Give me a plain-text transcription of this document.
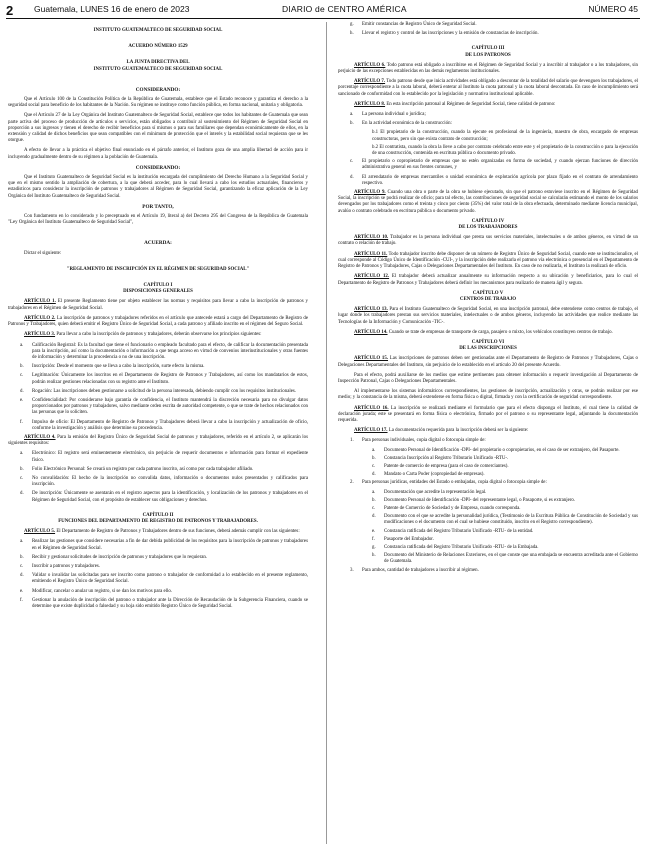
2	Guatemala, LUNES 16 de enero de 2023	DIARIO de CENTRO AMÉRICA	NÚMERO 45

INSTITUTO GUATEMALTECO DE SEGURIDAD SOCIAL

ACUERDO NÚMERO 1529

LA JUNTA DIRECTIVA DEL

INSTITUTO GUATEMALTECO DE SEGURIDAD SOCIAL

CONSIDERANDO:

Que el Artículo 100 de la Constitución Política de la República de Guatemala, establece que el Estado reconoce y garantiza el derecho a la seguridad social para beneficio de los habitantes de la Nación. Su régimen se instituye como función pública, en forma nacional, unitaria y obligatoria.

Que el Artículo 27 de la Ley Orgánica del Instituto Guatemalteco de Seguridad Social, establece que todos los habitantes de Guatemala que sean parte activa del proceso de producción de artículos o servicios, están obligados a contribuir al sostenimiento del Régimen de Seguridad Social en proporción a sus ingresos y tienen el derecho de recibir beneficios para sí mismos o para sus familiares que dependan económicamente de ellos, en la extensión y calidad de dichos beneficios que sean compatibles con el mínimum de protección que el interés y la estabilidad social requieran que se les otorgue.

A efecto de llevar a la práctica el objetivo final enunciado en el párrafo anterior, el Instituto goza de una amplia libertad de acción para ir incluyendo gradualmente dentro de su régimen a la población de Guatemala.

CONSIDERANDO:

Que el Instituto Guatemalteco de Seguridad Social es la institución encargada del cumplimiento del Derecho Humano a la Seguridad Social y que en el mismo sentido la ampliación de cobertura, a la que deberá acceder, para lo cual llevará a cabo los estudios actuariales, financieros y estadísticos para considerar la inscripción de patronos y trabajadores al Régimen de Seguridad Social, garantizando la eficaz aplicación de la Ley Orgánica del Instituto Guatemalteco de Seguridad Social.

POR TANTO,

Con fundamento en lo considerado y lo preceptuado en el Artículo 19, literal a) del Decreto 295 del Congreso de la República de Guatemala "Ley Orgánica del Instituto Guatemalteco de Seguridad Social",

ACUERDA:

Dictar el siguiente:

"REGLAMENTO DE INSCRIPCIÓN EN EL RÉGIMEN DE SEGURIDAD SOCIAL"

CAPÍTULO I

DISPOSICIONES GENERALES

ARTÍCULO 1. El presente Reglamento tiene por objeto establecer las normas y requisitos para llevar a cabo la inscripción de patronos y trabajadores en el Régimen de Seguridad Social.

ARTÍCULO 2. La inscripción de patronos y trabajadores referidos en el artículo que antecede estará a cargo del Departamento de Registro de Patronos y Trabajadores, quien deberá emitir el Registro Único de Seguridad Social, a cada patrono y afiliado inscrito en el régimen del Seguro Social.

ARTÍCULO 3. Para llevar a cabo la inscripción de patronos y trabajadores, deberán observarse los principios siguientes:

a.	Calificación Registral: Es la facultad que tiene el funcionario o empleado facultado para el efecto, de calificar la documentación presentada para la inscripción, así como la documentación o información a que tenga acceso en virtud de convenios interinstitucionales y otras fuentes de información y determinar la procedencia o no de una inscripción.
b.	Inscripción: Desde el momento que se lleva a cabo la inscripción, surte efecto la misma.
c.	Legitimación: Únicamente los inscritos en el Departamento de Registro de Patronos y Trabajadores, así como los mandatarios de estos, podrán realizar gestiones relacionadas con su registro ante el Instituto.
d.	Rogación: Las inscripciones deben gestionarse a solicitud de la persona interesada, debiendo cumplir con los requisitos institucionales.
e.	Confidencialidad: Por considerarse bajo garantía de confidencia, el Instituto mantendrá la discreción necesaria para no divulgar datos proporcionados por patronos y trabajadores, salvo mediante orden escrita de autoridad competente, o que se trate de hechos relacionados con las personas que lo soliciten.
f.	Impulso de oficio: El Departamento de Registro de Patronos y Trabajadores deberá llevar a cabo la inscripción y actualización de oficio, conforme la investigación y análisis que determine su procedencia.

ARTÍCULO 4. Para la emisión del Registro Único de Seguridad Social de patronos y trabajadores, referido en el artículo 2, se aplicarán los siguientes requisitos:

a.	Electrónico: El registro será eminentemente electrónico, sin perjuicio de requerir documentos e información para formar el expediente físico.
b.	Folio Electrónico Personal: Se creará un registro por cada patrono inscrito, así como por cada trabajador afiliado.
c.	No convalidación: El hecho de la inscripción no convalida datos, información o documentos nulos presentados y calificados para inscripción.
d.	De inscripción: Únicamente se asentarán en el registro aspectos para la identificación, y localización de los patronos y trabajadores en el Régimen de Seguridad Social, con el propósito de establecer sus obligaciones y derechos.

CAPÍTULO II

FUNCIONES DEL DEPARTAMENTO DE REGISTRO DE PATRONOS Y TRABAJADORES.

ARTÍCULO 5. El Departamento de Registro de Patronos y Trabajadores dentro de sus funciones, deberá además cumplir con las siguientes:

a.	Realizar las gestiones que considere necesarias a fin de dar debida publicidad de los requisitos para la inscripción de patronos y trabajadores en el Régimen de Seguridad Social.
b.	Recibir y gestionar solicitudes de inscripción de patronos y trabajadores que lo requieran.
c.	Inscribir a patronos y trabajadores.
d.	Validar o invalidar las solicitadas para ser inscrito como patrono o trabajador de conformidad a lo establecido en el presente reglamento, emitiendo el Registro Único de Seguridad Social.
e.	Modificar, cancelar o anular un registro, si se dan los motivos para ello.
f.	Gestionar la anulación de inscripción del patrono o trabajador ante la Dirección de Recaudación de la Subgerencia Financiera, cuando se determine que existe duplicidad o falsedad y su hoja sido emitido Registro Único de Seguridad Social.
g.	Emitir constancias de Registro Único de Seguridad Social.
h.	Llevar el registro y control de las inscripciones y la emisión de constancias de inscripción.

CAPÍTULO III

DE LOS PATRONOS

ARTÍCULO 6. Todo patrono está obligado a inscribirse en el Régimen de Seguridad Social y a inscribir al trabajador o a los trabajadores, sin perjuicio de las excepciones establecidas en las demás reglamentos institucionales.

ARTÍCULO 7. Todo patrono desde que inicia actividades está obligado a descontar de la totalidad del salario que devenguen los trabajadores, el porcentaje correspondiente a la cuota laboral, deberá enterar al Instituto la cuota patronal y la cuota laboral descontada. En caso de incumplimiento será sancionado de conformidad con lo establecido por la legislación y normativa institucional aplicable.

ARTÍCULO 8. En esta inscripción patronal al Régimen de Seguridad Social, tiene calidad de patrono:

a.	La persona individual o jurídica;
b.	En la actividad económica de la construcción:
b.1 El propietario de la construcción, cuando la ejecute en profesional de la ingeniería, maestro de obra, encargado de empresas constructoras, pero sin que exista contrato de construcción;
b.2 El contratista, cuando la obra la lleve a cabo por contrato celebrado entre este y el propietario de la construcción o para la ejecución de una construcción, contenida en escritura pública o documento privado.
c.	El propietario o copropietario de empresas que no estén organizadas en forma de sociedad, y cuando ejerzan funciones de dirección administrativa general en sus frentes comunes, y
d.	El arrendatario de empresas mercantiles o unidad económica de explotación agrícola por plazo fijado en el contrato de arrendamiento respectivo.

ARTÍCULO 9. Cuando una obra o parte de la obra se hubiese ejecutado, sin que el patrono estuviese inscrito en el Régimen de Seguridad Social, la inscripción se podrá realizar de oficio; para tal efecto, las contribuciones de seguridad social se calcularán estimando el monto de los salarios devengados por los trabajadores como el treinta y cinco por ciento (35%) del valor total de la obra efectuada, determinado mediante licencia municipal, avalúo o contrato celebrado en escritura pública o documento privado.

CAPÍTULO IV

DE LOS TRABAJADORES

ARTÍCULO 10. Trabajador es la persona individual que presta sus servicios materiales, intelectuales o de ambos géneros, en virtud de un contrato o relación de trabajo.

ARTÍCULO 11. Todo trabajador inscrito debe disponer de un número de Registro Único de Seguridad Social, cuando este se institucionalice, el cual corresponde al Código Único de Identificación -CUI-, y la inscripción debe realizarla el patrono vía electrónica o presencial en el Departamento de Registro de Patronos y Trabajadores, Cajas o Delegaciones Departamentales del Instituto. En caso de no realizarla, el Instituto la realizará de oficio.

ARTÍCULO 12. El trabajador deberá actualizar anualmente su información respecto a su ubicación y beneficiarios, para lo cual el Departamento de Registro de Patronos y Trabajadores deberá definir los mecanismos para realizarlo de manera ágil y segura.

CAPÍTULO V

CENTROS DE TRABAJO

ARTÍCULO 13. Para el Instituto Guatemalteco de Seguridad Social, en una inscripción patronal, debe entenderse como centros de trabajo, el lugar donde los trabajadores prestan sus servicios materiales, intelectuales o de ambos géneros, incluyendo las actividades que realice mediante las Tecnologías de la Información y Comunicación -TIC-.

ARTÍCULO 14. Cuando se trate de empresas de transporte de carga, pasajero o mixto, los vehículos constituyen centros de trabajo.

CAPÍTULO VI

DE LAS INSCRIPCIONES

ARTÍCULO 15. Las inscripciones de patronos deben ser gestionadas ante el Departamento de Registro de Patronos y Trabajadores, Cajas o Delegaciones Departamentales del Instituto, sin perjuicio de lo establecido en el artículo 20 del presente Acuerdo.

Para el efecto, podrá auxiliarse de los medios que estime pertinentes para obtener información o requerir investigación al Departamento de Inspección Patronal, Cajas o Delegaciones Departamentales.

Al implementarse los sistemas informáticos correspondientes, las gestiones de inscripción, actualización y otras, se podrán realizar por ese medio; y la constancia de la misma, deberá extenderse en forma física o digital, firmada y con la certificación de seguridad correspondiente.

ARTÍCULO 16. La inscripción se realizará mediante el formulario que para el efecto disponga el Instituto, el cual tiene la calidad de declaración jurada; este se presentará en forma física o electrónica, firmado por el patrono o su representante legal, adjuntando la documentación requerida.

ARTÍCULO 17. La documentación requerida para la inscripción deberá ser la siguiente:

1.	Para personas individuales, copia digital o fotocopia simple de:
a.	Documento Personal de Identificación -DPI- del propietario o copropietarios, en el caso de ser extranjero, del Pasaporte.
b.	Constancia Inscripción al Registro Tributario Unificado -RTU-.
c.	Patente de comercio de empresa (para el caso de comerciantes).
d.	Mandato o Carta Poder (copropiedad de empresas).
2.	Para personas jurídicas, entidades del Estado o embajadas, copia digital o fotocopia simple de:
a.	Documentación que acredite la representación legal.
b.	Documento Personal de Identificación -DPI- del representante legal, o Pasaporte, si es extranjero.
c.	Patente de Comercio de Sociedad y de Empresa, cuando corresponda.
d.	Documento con el que se acredite la personalidad jurídica, (Testimonio de la Escritura Pública de Constitución de Sociedad y sus modificaciones o el documento con el cual se hubiese constituido, inscrito en el Registro correspondiente).
e.	Constancia ratificada del Registro Tributario Unificado -RTU- de la entidad.
f.	Pasaporte del Embajador.
g.	Constancia ratificada del Registro Tributario Unificado -RTU- de la Embajada.
h.	Documento del Ministerio de Relaciones Exteriores, en el que conste que una embajada se encuentra acreditada ante el Gobierno de Guatemala.
3.	Para ambos, cantidad de trabajadores a inscribir al régimen.
